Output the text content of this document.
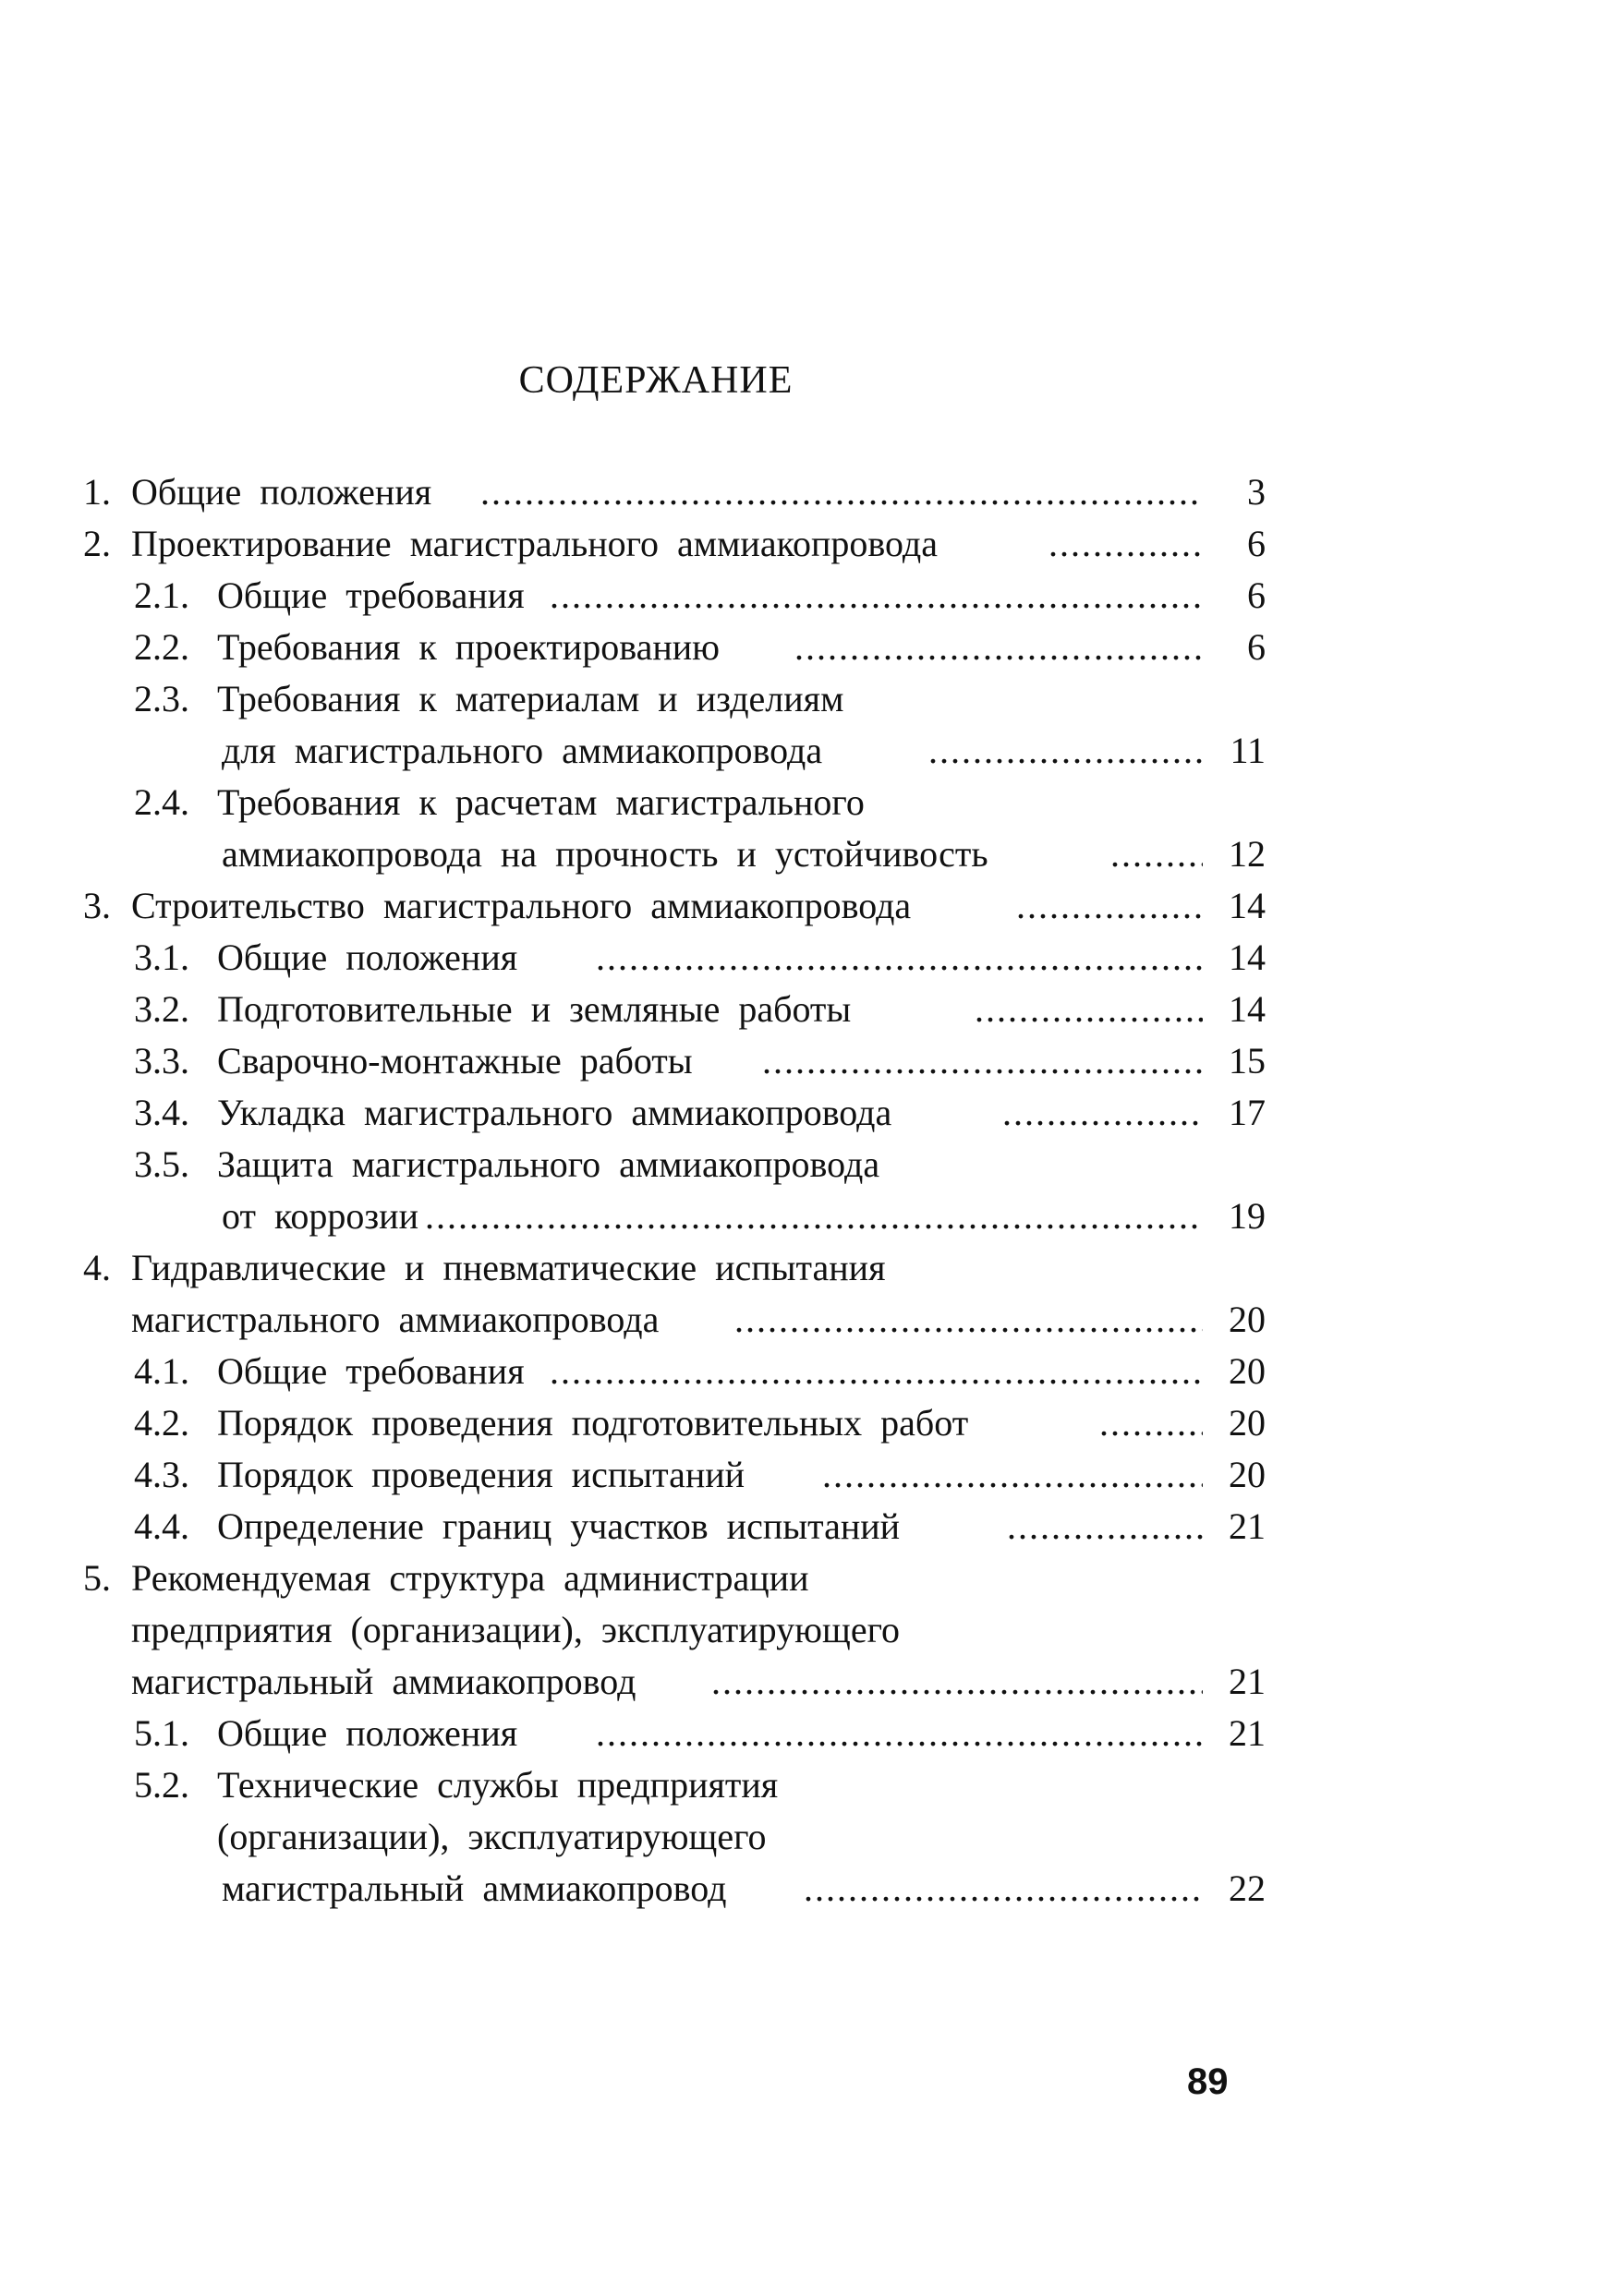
СОДЕРЖАНИЕ
1. Общие положения .....	3
2. Проектирование магистрального аммиакопровода .....	6
2.1. Общие требования .....	6
2.2. Требования к проектированию .....	6
2.3. Требования к материалам и изделиям
для магистрального аммиакопровода .....	11
2.4. Требования к расчетам магистрального
аммиакопровода на прочность и устойчивость .....	12
3. Строительство магистрального аммиакопровода .....	14
3.1. Общие положения .....	14
3.2. Подготовительные и земляные работы .....	14
3.3. Сварочно-монтажные работы .....	15
3.4. Укладка магистрального аммиакопровода .....	17
3.5. Защита магистрального аммиакопровода
от коррозии .....	19
4. Гидравлические и пневматические испытания
магистрального аммиакопровода .....	20
4.1. Общие требования .....	20
4.2. Порядок проведения подготовительных работ .....	20
4.3. Порядок проведения испытаний .....	20
4.4. Определение границ участков испытаний .....	21
5. Рекомендуемая структура администрации
предприятия (организации), эксплуатирующего
магистральный аммиакопровод .....	21
5.1. Общие положения .....	21
5.2. Технические службы предприятия
(организации), эксплуатирующего
магистральный аммиакопровод .....	22
89
